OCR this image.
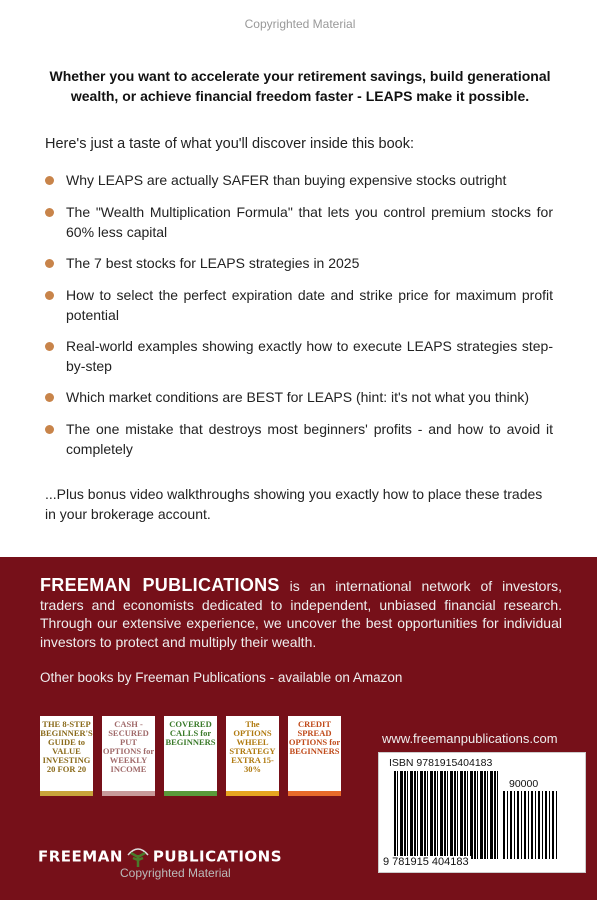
Copyrighted Material
Whether you want to accelerate your retirement savings, build generational wealth, or achieve financial freedom faster - LEAPS make it possible.
Here's just a taste of what you'll discover inside this book:
Why LEAPS are actually SAFER than buying expensive stocks outright
The "Wealth Multiplication Formula" that lets you control premium stocks for 60% less capital
The 7 best stocks for LEAPS strategies in 2025
How to select the perfect expiration date and strike price for maximum profit potential
Real-world examples showing exactly how to execute LEAPS strategies step-by-step
Which market conditions are BEST for LEAPS (hint: it's not what you think)
The one mistake that destroys most beginners' profits - and how to avoid it completely
...Plus bonus video walkthroughs showing you exactly how to place these trades in your brokerage account.
FREEMAN PUBLICATIONS is an international network of investors, traders and economists dedicated to independent, unbiased financial research. Through our extensive experience, we uncover the best opportunities for individual investors to protect and multiply their wealth.
Other books by Freeman Publications - available on Amazon
THE 8-STEP BEGINNER'S GUIDE to VALUE INVESTING 20 FOR 20
CASH -SECURED PUT OPTIONS for WEEKLY INCOME
COVERED CALLS for BEGINNERS
The OPTIONS WHEEL STRATEGY EXTRA 15-30%
CREDIT SPREAD OPTIONS for BEGINNERS
www.freemanpublications.com
ISBN 9781915404183
90000
9 781915 404183
FREEMAN PUBLICATIONS
Copyrighted Material
